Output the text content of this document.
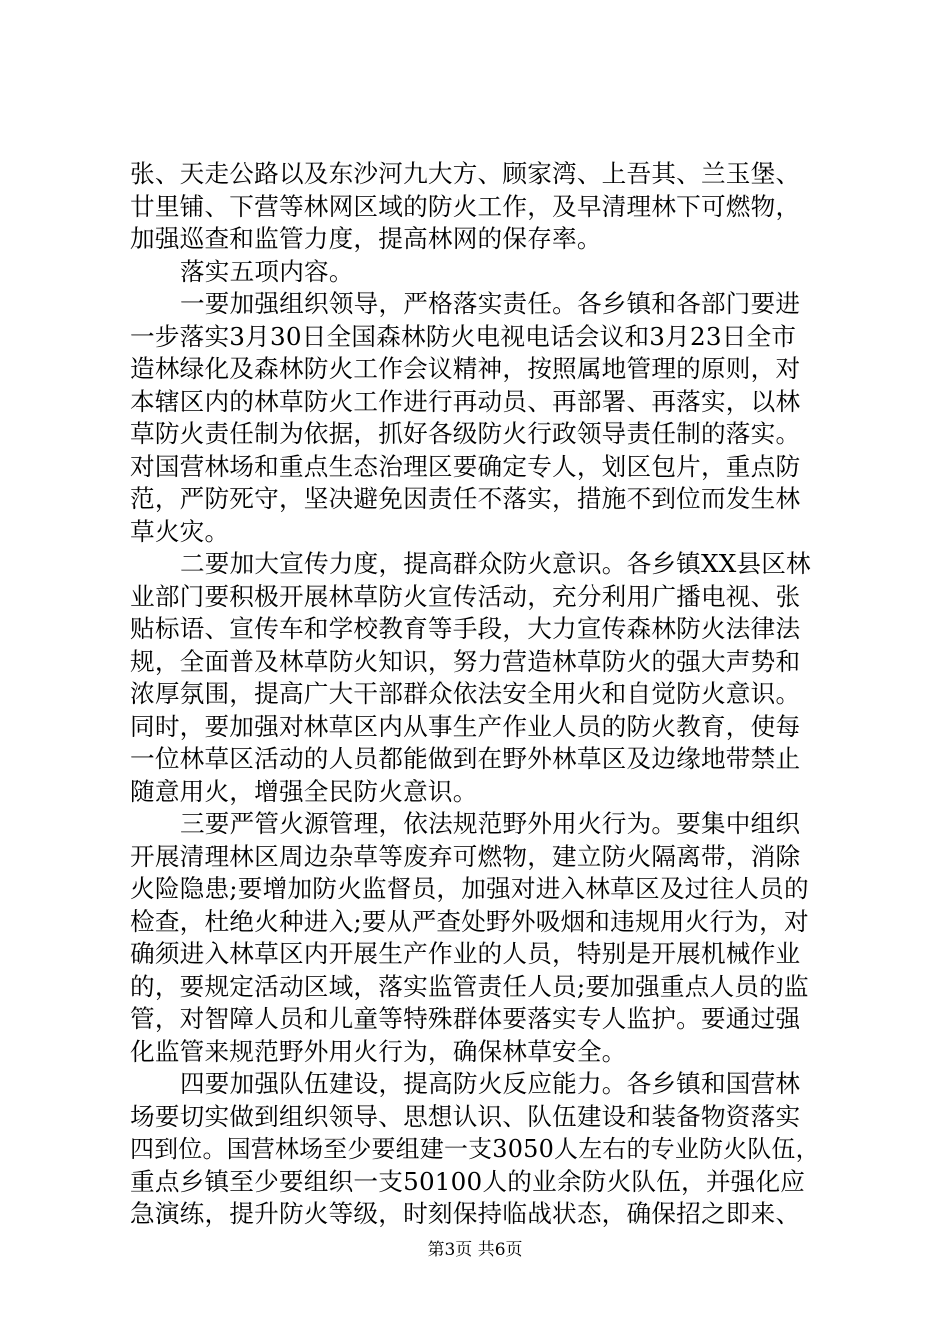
张、天走公路以及东沙河九大方、顾家湾、上吾其、兰玉堡、
廿里铺、下营等林网区域的防火工作，及早清理林下可燃物，
加强巡查和监管力度，提高林网的保存率。
落实五项内容。
一要加强组织领导，严格落实责任。各乡镇和各部门要进
一步落实3月30日全国森林防火电视电话会议和3月23日全市
造林绿化及森林防火工作会议精神，按照属地管理的原则，对
本辖区内的林草防火工作进行再动员、再部署、再落实，以林
草防火责任制为依据，抓好各级防火行政领导责任制的落实。
对国营林场和重点生态治理区要确定专人，划区包片，重点防
范，严防死守，坚决避免因责任不落实，措施不到位而发生林
草火灾。
二要加大宣传力度，提高群众防火意识。各乡镇XX县区林
业部门要积极开展林草防火宣传活动，充分利用广播电视、张
贴标语、宣传车和学校教育等手段，大力宣传森林防火法律法
规，全面普及林草防火知识，努力营造林草防火的强大声势和
浓厚氛围，提高广大干部群众依法安全用火和自觉防火意识。
同时，要加强对林草区内从事生产作业人员的防火教育，使每
一位林草区活动的人员都能做到在野外林草区及边缘地带禁止
随意用火，增强全民防火意识。
三要严管火源管理，依法规范野外用火行为。要集中组织
开展清理林区周边杂草等废弃可燃物，建立防火隔离带，消除
火险隐患;要增加防火监督员，加强对进入林草区及过往人员的
检查，杜绝火种进入;要从严查处野外吸烟和违规用火行为，对
确须进入林草区内开展生产作业的人员，特别是开展机械作业
的，要规定活动区域，落实监管责任人员;要加强重点人员的监
管，对智障人员和儿童等特殊群体要落实专人监护。要通过强
化监管来规范野外用火行为，确保林草安全。
四要加强队伍建设，提高防火反应能力。各乡镇和国营林
场要切实做到组织领导、思想认识、队伍建设和装备物资落实
四到位。国营林场至少要组建一支3050人左右的专业防火队伍，
重点乡镇至少要组织一支50100人的业余防火队伍，并强化应
急演练，提升防火等级，时刻保持临战状态，确保招之即来、
第3页 共6页
